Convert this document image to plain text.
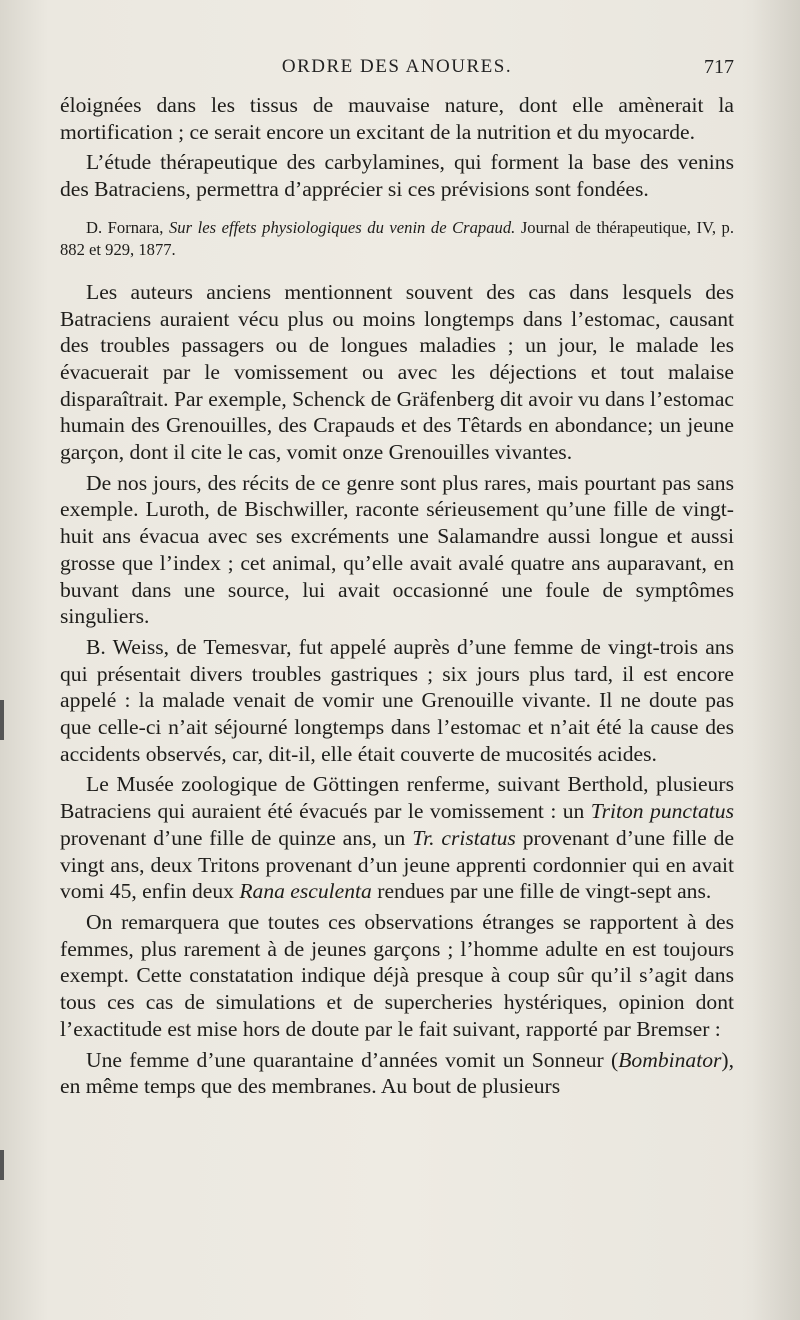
ORDRE DES ANOURES.	717

éloignées dans les tissus de mauvaise nature, dont elle amènerait la mortification ; ce serait encore un excitant de la nutrition et du myocarde.

L’étude thérapeutique des carbylamines, qui forment la base des venins des Batraciens, permettra d’apprécier si ces prévisions sont fondées.

D. Fornara, Sur les effets physiologiques du venin de Crapaud. Journal de thérapeutique, IV, p. 882 et 929, 1877.

Les auteurs anciens mentionnent souvent des cas dans lesquels des Batraciens auraient vécu plus ou moins longtemps dans l’estomac, causant des troubles passagers ou de longues maladies ; un jour, le malade les évacuerait par le vomissement ou avec les déjections et tout malaise disparaîtrait. Par exemple, Schenck de Gräfenberg dit avoir vu dans l’estomac humain des Grenouilles, des Crapauds et des Têtards en abondance; un jeune garçon, dont il cite le cas, vomit onze Grenouilles vivantes.

De nos jours, des récits de ce genre sont plus rares, mais pourtant pas sans exemple. Luroth, de Bischwiller, raconte sérieusement qu’une fille de vingt-huit ans évacua avec ses excréments une Salamandre aussi longue et aussi grosse que l’index ; cet animal, qu’elle avait avalé quatre ans auparavant, en buvant dans une source, lui avait occasionné une foule de symptômes singuliers.

B. Weiss, de Temesvar, fut appelé auprès d’une femme de vingt-trois ans qui présentait divers troubles gastriques ; six jours plus tard, il est encore appelé : la malade venait de vomir une Grenouille vivante. Il ne doute pas que celle-ci n’ait séjourné longtemps dans l’estomac et n’ait été la cause des accidents observés, car, dit-il, elle était couverte de mucosités acides.

Le Musée zoologique de Göttingen renferme, suivant Berthold, plusieurs Batraciens qui auraient été évacués par le vomissement : un Triton punctatus provenant d’une fille de quinze ans, un Tr. cristatus provenant d’une fille de vingt ans, deux Tritons provenant d’un jeune apprenti cordonnier qui en avait vomi 45, enfin deux Rana esculenta rendues par une fille de vingt-sept ans.

On remarquera que toutes ces observations étranges se rapportent à des femmes, plus rarement à de jeunes garçons ; l’homme adulte en est toujours exempt. Cette constatation indique déjà presque à coup sûr qu’il s’agit dans tous ces cas de simulations et de supercheries hystériques, opinion dont l’exactitude est mise hors de doute par le fait suivant, rapporté par Bremser :

Une femme d’une quarantaine d’années vomit un Sonneur (Bombinator), en même temps que des membranes. Au bout de plusieurs
